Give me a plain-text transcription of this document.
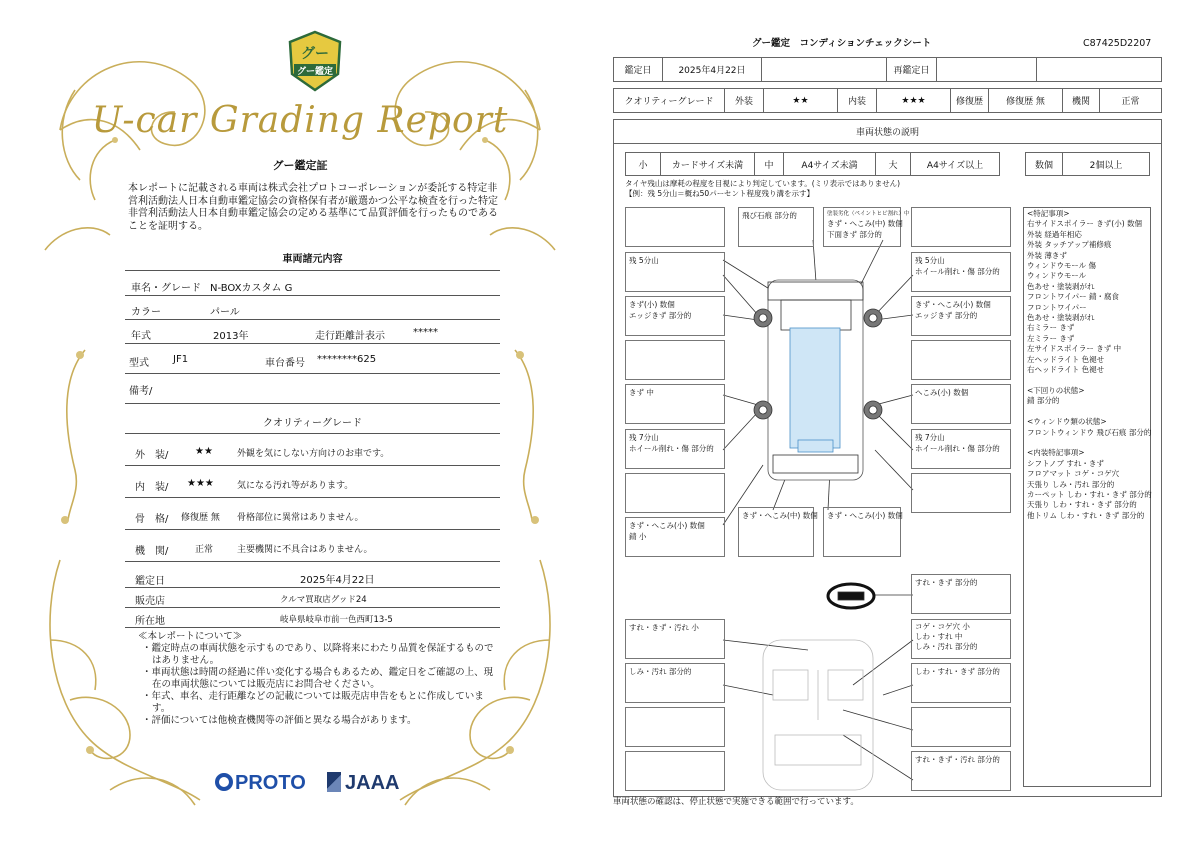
グー
グー鑑定
U-car Grading Report
グー鑑定証
本レポートに記載される車両は株式会社プロトコーポレーションが委託する特定非営利活動法人日本自動車鑑定協会の資格保有者が厳選かつ公平な検査を行った特定非営利活動法人日本自動車鑑定協会の定める基準にて品質評価を行ったものであることを証明する。
車両諸元内容
車名・グレード N-BOXカスタム G
カラー	パール
年式	2013年	走行距離計表示	*****
型式 JF1	車台番号 ********625
備考/
クオリティーグレード
外　装/	★★	外観を気にしない方向けのお車です。
内　装/ ★★★	気になる汚れ等があります。
骨　格/ 修復歴 無 骨格部位に異常はありません。
機　関/	正常	主要機関に不具合はありません。
鑑定日	2025年4月22日
販売店	クルマ買取店グッド24
所在地	岐阜県岐阜市前一色西町13-5
≪本レポートについて≫
・鑑定時点の車両状態を示すものであり、以降将来にわたり品質を保証するものではありません。
・車両状態は時間の経過に伴い変化する場合もあるため、鑑定日をご確認の上、現在の車両状態については販売店にお問合せください。
・年式、車名、走行距離などの記載については販売店申告をもとに作成しています。
・評価については他検査機関等の評価と異なる場合があります。
PROTO	JAAA
グー鑑定　コンディションチェックシート	C87425D2207
鑑定日	2025年4月22日	再鑑定日
クオリティーグレード	外装	★★	内装	★★★	修復歴	修復歴 無	機関	正常
車両状態の説明
小	カードサイズ未満	中	A4サイズ未満	大	A4サイズ以上	数個	2個以上
タイヤ残山は摩耗の程度を目視により判定しています。(ミリ表示ではありません)
【例：残 5分山＝概ね50パーセント程度残り溝を示す】
<特記事項>
右サイドスポイラー きず(小) 数個
外装 経過年相応
外装 タッチアップ補修痕
外装 薄きず
ウィンドウモール 傷
ウィンドウモール
色あせ・塗装剥がれ
フロントワイパー 錆・腐食
フロントワイパー
色あせ・塗装剥がれ
右ミラー きず
左ミラー きず
左サイドスポイラー きず 中
左ヘッドライト 色褪せ
右ヘッドライト 色褪せ
<下回りの状態>
錆 部分的
<ウィンドウ類の状態>
フロントウィンドウ 飛び石痕 部分的
<内装特記事項>
シフトノブ すれ・きず
フロアマット コゲ・コゲ穴
天張り しみ・汚れ 部分的
カーペット しわ・すれ・きず 部分的
天張り しわ・すれ・きず 部分的
他トリム しわ・すれ・きず 部分的
飛び石痕 部分的	塗装劣化（ペイントヒビ割れ）中
きず・へこみ(中) 数個
下面きず 部分的
残 5分山	残 5分山
ホイール削れ・傷 部分的
きず(小) 数個
エッジきず 部分的
きず・へこみ(小) 数個
エッジきず 部分的
きず 中	へこみ(小) 数個
残 7分山
ホイール削れ・傷 部分的
残 7分山
ホイール削れ・傷 部分的
きず・へこみ(小) 数個
錆 小
きず・へこみ(中) 数個	きず・へこみ(小) 数個
すれ・きず 部分的
すれ・きず・汚れ 小	コゲ・コゲ穴 小
しわ・すれ 中
しみ・汚れ 部分的
しみ・汚れ 部分的	しわ・すれ・きず 部分的
すれ・きず・汚れ 部分的
車両状態の確認は、停止状態で実施できる範囲で行っています。
